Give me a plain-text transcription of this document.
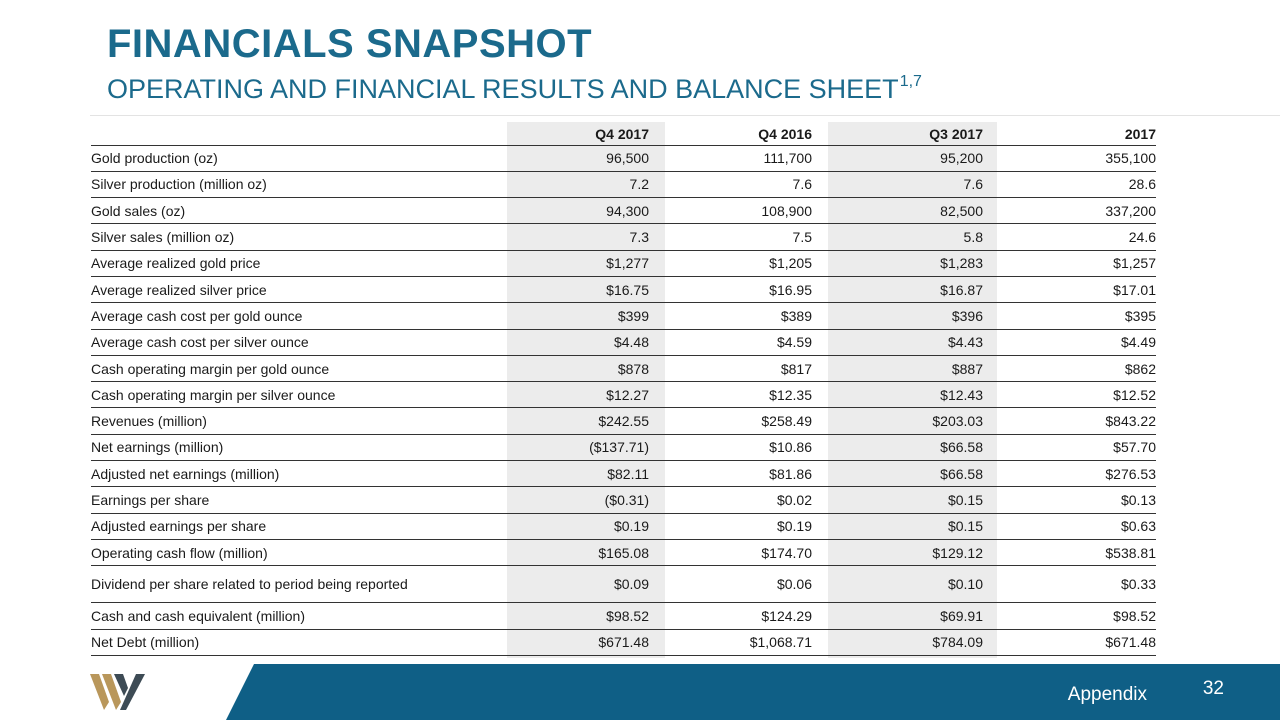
FINANCIALS SNAPSHOT
OPERATING AND FINANCIAL RESULTS AND BALANCE SHEET$^{1,7}$
	Q4 2017	Q4 2016	Q3 2017	2017
Gold production (oz)	96,500	111,700	95,200	355,100
Silver production (million oz)	7.2	7.6	7.6	28.6
Gold sales (oz)	94,300	108,900	82,500	337,200
Silver sales (million oz)	7.3	7.5	5.8	24.6
Average realized gold price	$1,277	$1,205	$1,283	$1,257
Average realized silver price	$16.75	$16.95	$16.87	$17.01
Average cash cost per gold ounce	$399	$389	$396	$395
Average cash cost per silver ounce	$4.48	$4.59	$4.43	$4.49
Cash operating margin per gold ounce	$878	$817	$887	$862
Cash operating margin per silver ounce	$12.27	$12.35	$12.43	$12.52
Revenues (million)	$242.55	$258.49	$203.03	$843.22
Net earnings (million)	($137.71)	$10.86	$66.58	$57.70
Adjusted net earnings (million)	$82.11	$81.86	$66.58	$276.53
Earnings per share	($0.31)	$0.02	$0.15	$0.13
Adjusted earnings per share	$0.19	$0.19	$0.15	$0.63
Operating cash flow (million)	$165.08	$174.70	$129.12	$538.81
Dividend per share related to period being reported	$0.09	$0.06	$0.10	$0.33
Cash and cash equivalent (million)	$98.52	$124.29	$69.91	$98.52
Net Debt (million)	$671.48	$1,068.71	$784.09	$671.48
Appendix	32
